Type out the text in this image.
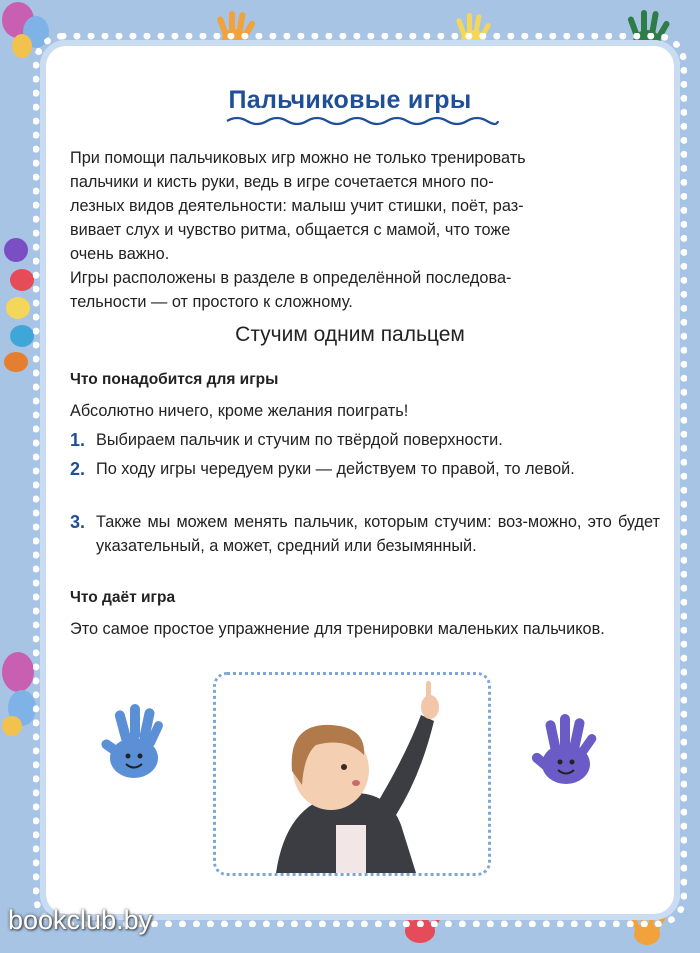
Пальчиковые игры
При помощи пальчиковых игр можно не только тренировать
пальчики и кисть руки, ведь в игре сочетается много по-
лезных видов деятельности: малыш учит стишки, поёт, раз-
вивает слух и чувство ритма, общается с мамой, что тоже
очень важно.
Игры расположены в разделе в определённой последова-
тельности — от простого к сложному.
Стучим одним пальцем
Что понадобится для игры
Абсолютно ничего, кроме желания поиграть!
1. Выбираем пальчик и стучим по твёрдой поверхности.
2. По ходу игры чередуем руки — действуем то правой, то левой.
3. Также мы можем менять пальчик, которым стучим: воз-можно, это будет указательный, а может, средний или безымянный.
Что даёт игра
Это самое простое упражнение для тренировки маленьких пальчиков.
bookclub.by
